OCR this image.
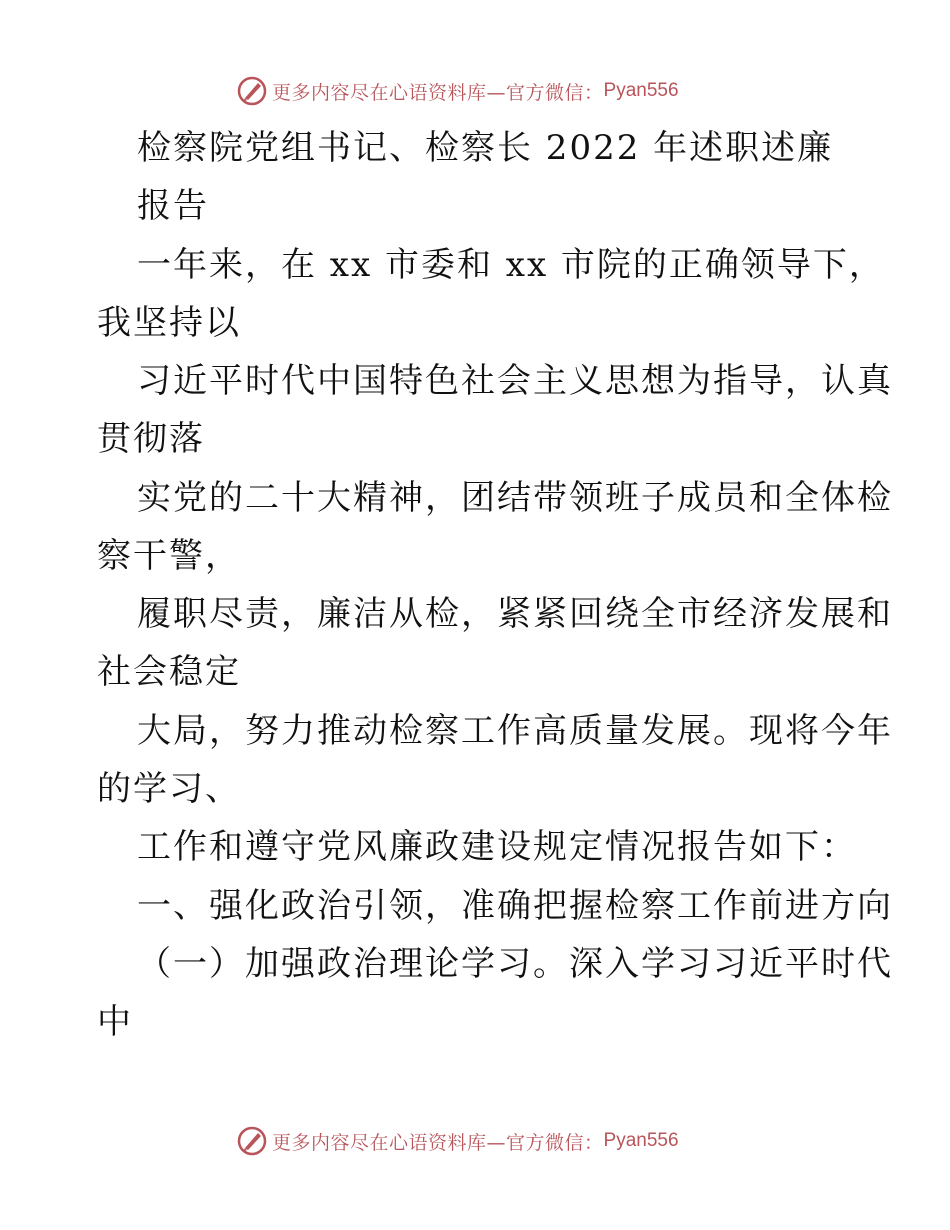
更多内容尽在心语资料库—官方微信： Pyan556
检察院党组书记、检察长 2022 年述职述廉
报告
一年来，在 xx 市委和 xx 市院的正确领导下，
我坚持以
习近平时代中国特色社会主义思想为指导，认真
贯彻落
实党的二十大精神，团结带领班子成员和全体检
察干警，
履职尽责，廉洁从检，紧紧回绕全市经济发展和
社会稳定
大局，努力推动检察工作高质量发展。现将今年
的学习、
工作和遵守党风廉政建设规定情况报告如下：
一、强化政治引领，准确把握检察工作前进方向
（一）加强政治理论学习。深入学习习近平时代
中
更多内容尽在心语资料库—官方微信： Pyan556
